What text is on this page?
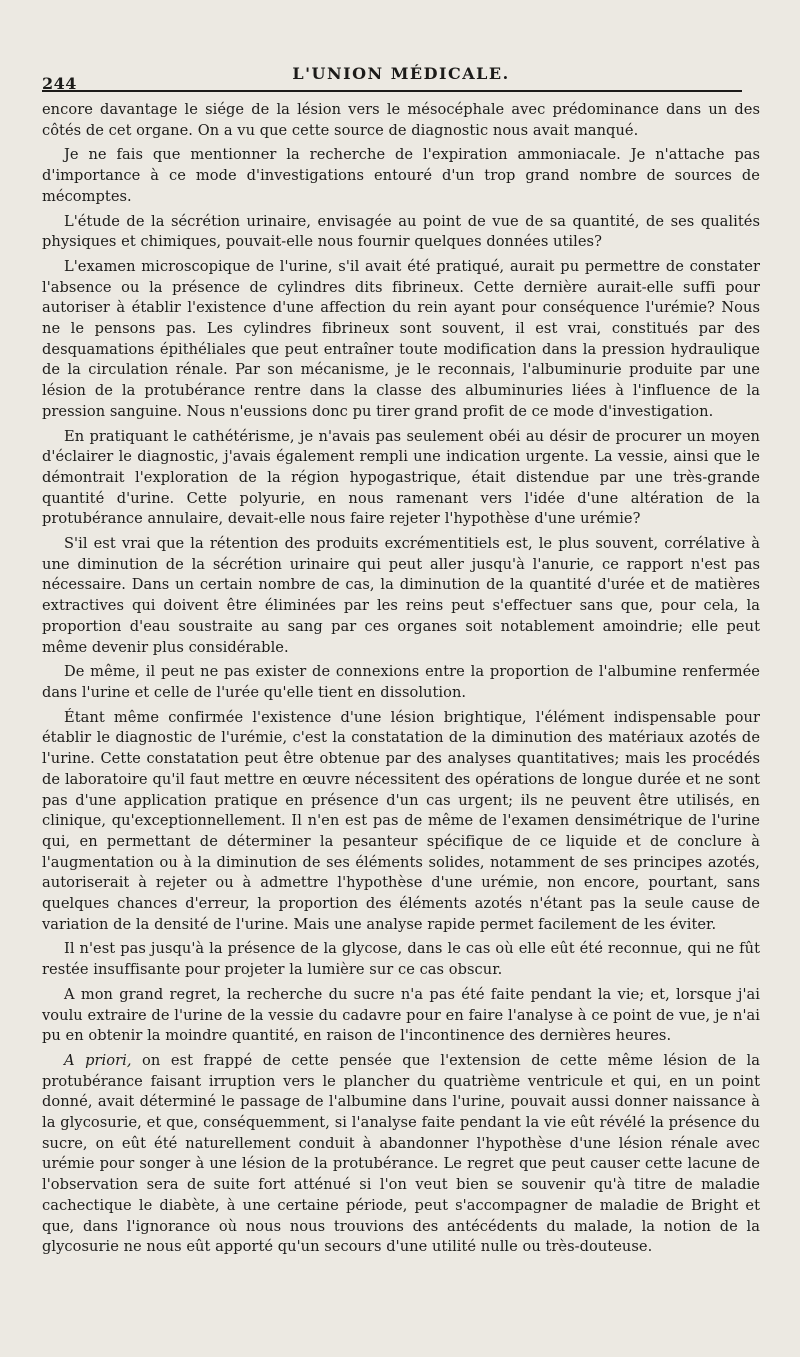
244
L'UNION MÉDICALE.

encore davantage le siége de la lésion vers le mésocéphale avec prédominance dans un des côtés de cet organe. On a vu que cette source de diagnostic nous avait manqué.

Je ne fais que mentionner la recherche de l'expiration ammoniacale. Je n'attache pas d'importance à ce mode d'investigations entouré d'un trop grand nombre de sources de mécomptes.

L'étude de la sécrétion urinaire, envisagée au point de vue de sa quantité, de ses qualités physiques et chimiques, pouvait-elle nous fournir quelques données utiles?

L'examen microscopique de l'urine, s'il avait été pratiqué, aurait pu permettre de constater l'absence ou la présence de cylindres dits fibrineux. Cette dernière aurait-elle suffi pour autoriser à établir l'existence d'une affection du rein ayant pour conséquence l'urémie? Nous ne le pensons pas. Les cylindres fibrineux sont souvent, il est vrai, constitués par des desquamations épithéliales que peut entraîner toute modification dans la pression hydraulique de la circulation rénale. Par son mécanisme, je le reconnais, l'albuminurie produite par une lésion de la protubérance rentre dans la classe des albuminuries liées à l'influence de la pression sanguine. Nous n'eussions donc pu tirer grand profit de ce mode d'investigation.

En pratiquant le cathétérisme, je n'avais pas seulement obéi au désir de procurer un moyen d'éclairer le diagnostic, j'avais également rempli une indication urgente. La vessie, ainsi que le démontrait l'exploration de la région hypogastrique, était distendue par une très-grande quantité d'urine. Cette polyurie, en nous ramenant vers l'idée d'une altération de la protubérance annulaire, devait-elle nous faire rejeter l'hypothèse d'une urémie?

S'il est vrai que la rétention des produits excrémentitiels est, le plus souvent, corrélative à une diminution de la sécrétion urinaire qui peut aller jusqu'à l'anurie, ce rapport n'est pas nécessaire. Dans un certain nombre de cas, la diminution de la quantité d'urée et de matières extractives qui doivent être éliminées par les reins peut s'effectuer sans que, pour cela, la proportion d'eau soustraite au sang par ces organes soit notablement amoindrie; elle peut même devenir plus considérable.

De même, il peut ne pas exister de connexions entre la proportion de l'albumine renfermée dans l'urine et celle de l'urée qu'elle tient en dissolution.

Étant même confirmée l'existence d'une lésion brightique, l'élément indispensable pour établir le diagnostic de l'urémie, c'est la constatation de la diminution des matériaux azotés de l'urine. Cette constatation peut être obtenue par des analyses quantitatives; mais les procédés de laboratoire qu'il faut mettre en œuvre nécessitent des opérations de longue durée et ne sont pas d'une application pratique en présence d'un cas urgent; ils ne peuvent être utilisés, en clinique, qu'exceptionnellement. Il n'en est pas de même de l'examen densimétrique de l'urine qui, en permettant de déterminer la pesanteur spécifique de ce liquide et de conclure à l'augmentation ou à la diminution de ses éléments solides, notamment de ses principes azotés, autoriserait à rejeter ou à admettre l'hypothèse d'une urémie, non encore, pourtant, sans quelques chances d'erreur, la proportion des éléments azotés n'étant pas la seule cause de variation de la densité de l'urine. Mais une analyse rapide permet facilement de les éviter.

Il n'est pas jusqu'à la présence de la glycose, dans le cas où elle eût été reconnue, qui ne fût restée insuffisante pour projeter la lumière sur ce cas obscur.

A mon grand regret, la recherche du sucre n'a pas été faite pendant la vie; et, lorsque j'ai voulu extraire de l'urine de la vessie du cadavre pour en faire l'analyse à ce point de vue, je n'ai pu en obtenir la moindre quantité, en raison de l'incontinence des dernières heures.

A priori, on est frappé de cette pensée que l'extension de cette même lésion de la protubérance faisant irruption vers le plancher du quatrième ventricule et qui, en un point donné, avait déterminé le passage de l'albumine dans l'urine, pouvait aussi donner naissance à la glycosurie, et que, conséquemment, si l'analyse faite pendant la vie eût révélé la présence du sucre, on eût été naturellement conduit à abandonner l'hypothèse d'une lésion rénale avec urémie pour songer à une lésion de la protubérance. Le regret que peut causer cette lacune de l'observation sera de suite fort atténué si l'on veut bien se souvenir qu'à titre de maladie cachectique le diabète, à une certaine période, peut s'accompagner de maladie de Bright et que, dans l'ignorance où nous nous trouvions des antécédents du malade, la notion de la glycosurie ne nous eût apporté qu'un secours d'une utilité nulle ou très-douteuse.
